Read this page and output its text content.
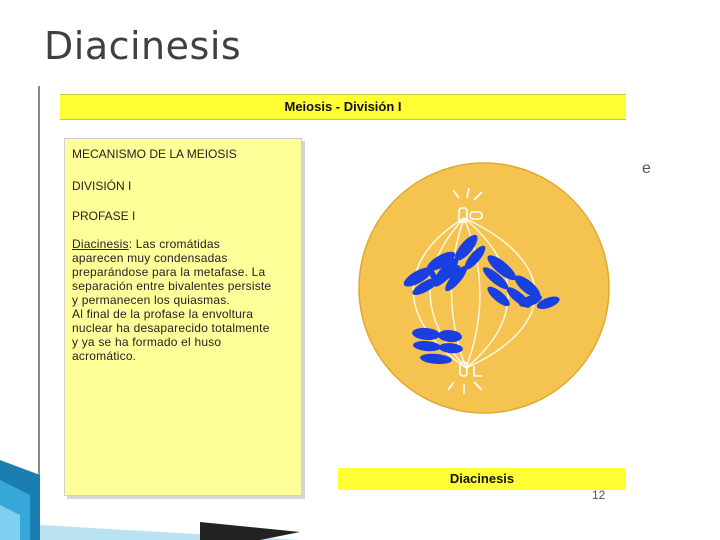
Diacinesis
Meiosis - División I

MECANISMO DE LA MEIOSIS

DIVISIÓN I

PROFASE I

Diacinesis: Las cromátidas
aparecen muy condensadas
preparándose para la metafase. La
separación entre bivalentes persiste
y permanecen los quiasmas.
Al final de la profase la envoltura
nuclear ha desaparecido totalmente
y ya se ha formado el huso
acromático.

e
Diacinesis
12
